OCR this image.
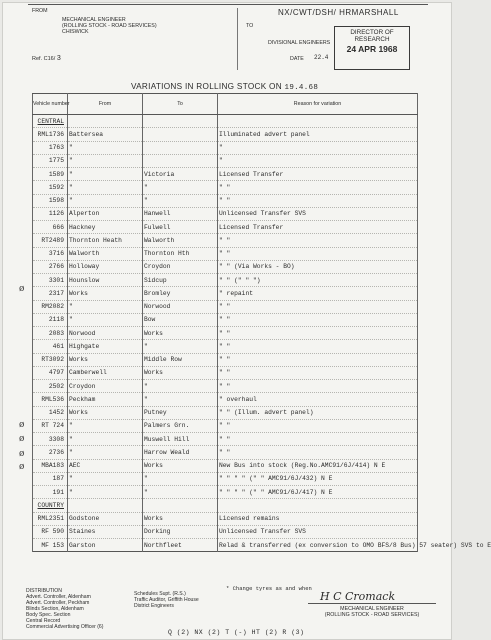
FROM
MECHANICAL ENGINEER
(ROLLING STOCK - ROAD SERVICES)
CHISWICK
Ref. C16/ 3
TO
NX/CWT/DSH/ HRMARSHALL
DIVISIONAL ENGINEERS
DATE 22.4
DIRECTOR OF
RESEARCH
24 APR 1968
VARIATIONS IN ROLLING STOCK ON 19.4.68
Vehicle number	From	To	Reason for variation
CENTRAL			
RML1736	Battersea		Illuminated advert panel
1763	"		"
1775	"		"
1589	"	Victoria	Licensed Transfer
1592	"	"	" "
1598	"	"	" "
1126	Alperton	Hanwell	Unlicensed Transfer SVS
666	Hackney	Fulwell	Licensed Transfer
RT2489	Thornton Heath	Walworth	" "
3716	Walworth	Thornton Hth	" "
2766	Holloway	Croydon	" " (Via Works - BO)
3301	Hounslow	Sidcup	" " (" " ")
2317	Works	Bromley	" repaint
RM2082	"	Norwood	" "
2118	"	Bow	" "
2083	Norwood	Works	" "
461	Highgate	"	" "
RT3092	Works	Middle Row	" "
4797	Camberwell	Works	" "
2502	Croydon	"	" "
RML536	Peckham	"	" overhaul
1452	Works	Putney	" " (Illum. advert panel)
RT 724	"	Palmers Grn.	" "
3308	"	Muswell Hill	" "
2736	"	Harrow Weald	" "
MBA183	AEC	Works	New Bus into stock (Reg.No.AMC91/6J/414) N E
187	"	"	" " " " (" " AMC91/6J/432) N E
191	"	"	" " " " (" " AMC91/6J/417) N E
COUNTRY			
RML2351	Godstone	Works	Licensed remains
RF 590	Staines	Dorking	Unlicensed Transfer SVS
MF 153	Garston	Northfleet	Relad & transferred (ex conversion to OMO BFS/8 Bus) 57 seater) SVS to E
ø
ø
ø
ø
ø
* Change tyres as and when
DISTRIBUTION
Advert. Controller, Aldenham
Advert. Controller, Peckham
Blinds Section, Aldenham
Body Spec. Section
Central Record
Commercial Advertising Officer (6)
Schedules Supt. (R.S.)
Traffic Auditor, Griffith House
District Engineers
H C Cromack
MECHANICAL ENGINEER
(ROLLING STOCK - ROAD SERVICES)
Q (2) NX (2) T (-) HT (2) R (3)
